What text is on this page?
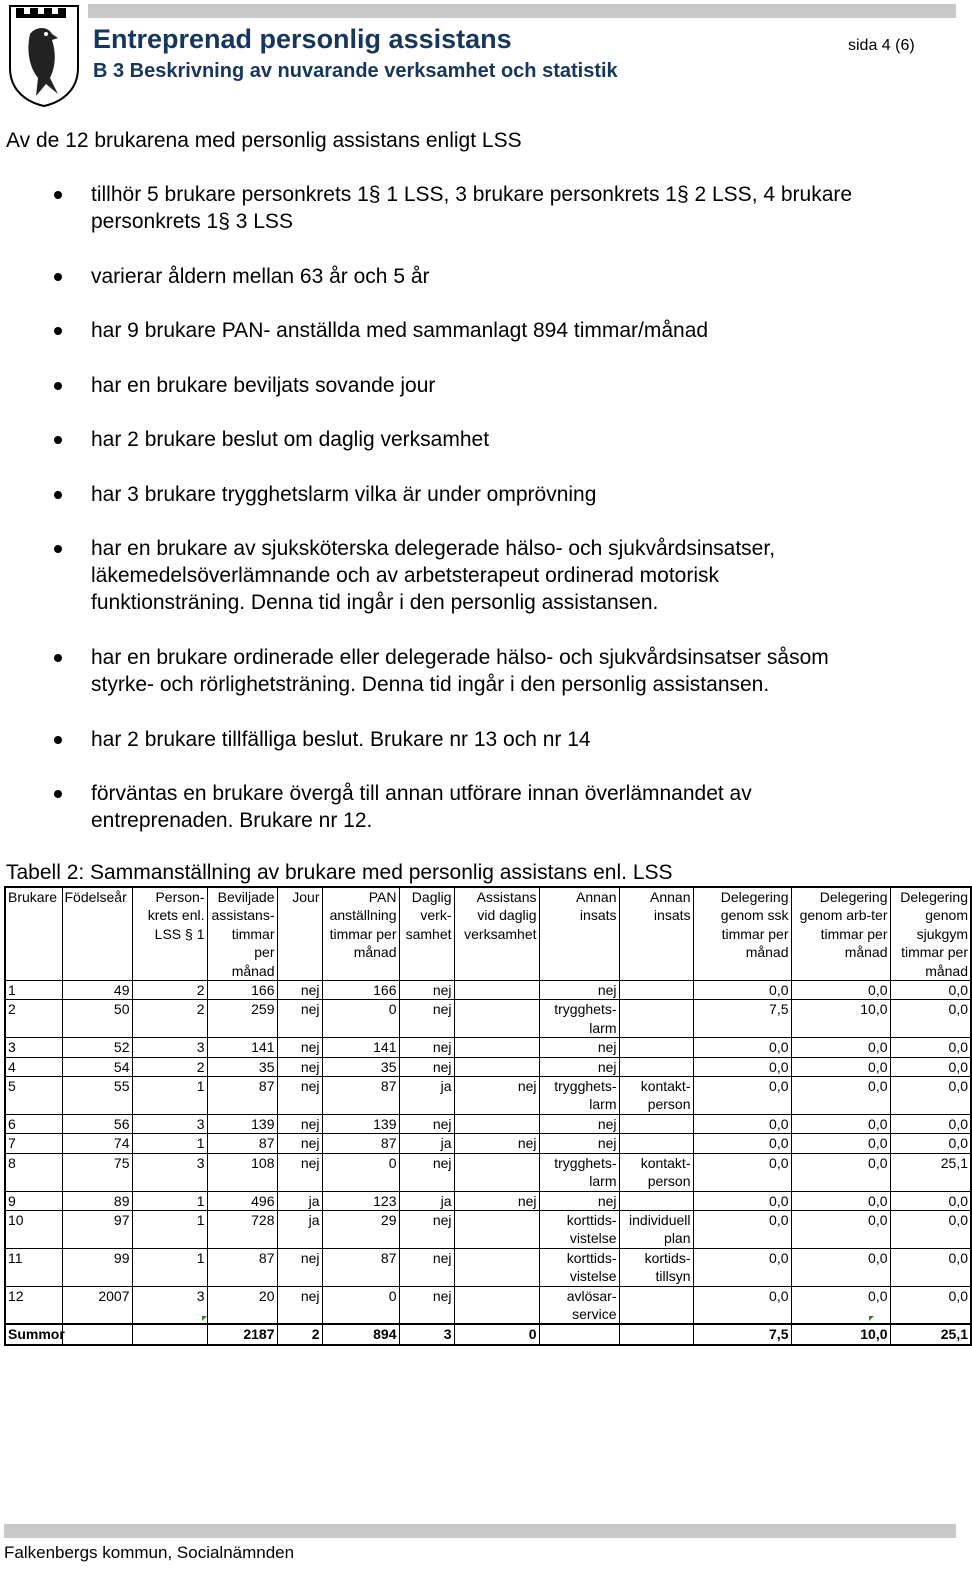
Entreprenad personlig assistans
B 3 Beskrivning av nuvarande verksamhet och statistik
sida 4 (6)
Av de 12 brukarena med personlig assistans enligt LSS
tillhör 5 brukare personkrets 1§ 1 LSS, 3 brukare personkrets 1§ 2 LSS, 4 brukare
personkrets 1§ 3 LSS
varierar åldern mellan 63 år och 5 år
har 9 brukare PAN- anställda med sammanlagt 894 timmar/månad
har en brukare beviljats sovande jour
har 2 brukare beslut om daglig verksamhet
har 3 brukare trygghetslarm vilka är under omprövning
har en brukare av sjuksköterska delegerade hälso- och sjukvårdsinsatser,
läkemedelsöverlämnande och av arbetsterapeut ordinerad motorisk
funktionsträning. Denna tid ingår i den personlig assistansen.
har en brukare ordinerade eller delegerade hälso- och sjukvårdsinsatser såsom
styrke- och rörlighetsträning. Denna tid ingår i den personlig assistansen.
har 2 brukare tillfälliga beslut. Brukare nr 13 och nr 14
förväntas en brukare övergå till annan utförare innan överlämnandet av
entreprenaden. Brukare nr 12.
Tabell 2: Sammanställning av brukare med personlig assistans enl. LSS
Brukare	Födelseår	Person-
krets enl.
LSS § 1	Beviljade
assistans-
timmar
per
månad	Jour	PAN
anställning
timmar per
månad	Daglig
verk-
samhet	Assistans
vid daglig
verksamhet	Annan
insats	Annan
insats	Delegering
genom ssk
timmar per
månad	Delegering
genom arb-ter
timmar per
månad	Delegering
genom
sjukgym
timmar per
månad
1	49	2	166	nej	166	nej		nej		0,0	0,0	0,0
2	50	2	259	nej	0	nej		trygghets-
larm		7,5	10,0	0,0
3	52	3	141	nej	141	nej		nej		0,0	0,0	0,0
4	54	2	35	nej	35	nej		nej		0,0	0,0	0,0
5	55	1	87	nej	87	ja	nej	trygghets-
larm	kontakt-
person	0,0	0,0	0,0
6	56	3	139	nej	139	nej		nej		0,0	0,0	0,0
7	74	1	87	nej	87	ja	nej	nej		0,0	0,0	0,0
8	75	3	108	nej	0	nej		trygghets-
larm	kontakt-
person	0,0	0,0	25,1
9	89	1	496	ja	123	ja	nej	nej		0,0	0,0	0,0
10	97	1	728	ja	29	nej		korttids-
vistelse	individuell
plan	0,0	0,0	0,0
11	99	1	87	nej	87	nej		korttids-
vistelse	kortids-
tillsyn	0,0	0,0	0,0
12	2007	3	20	nej	0	nej		avlösar-
service		0,0	0,0	0,0
Summor			2187	2	894	3	0			7,5	10,0	25,1
Falkenbergs kommun, Socialnämnden
